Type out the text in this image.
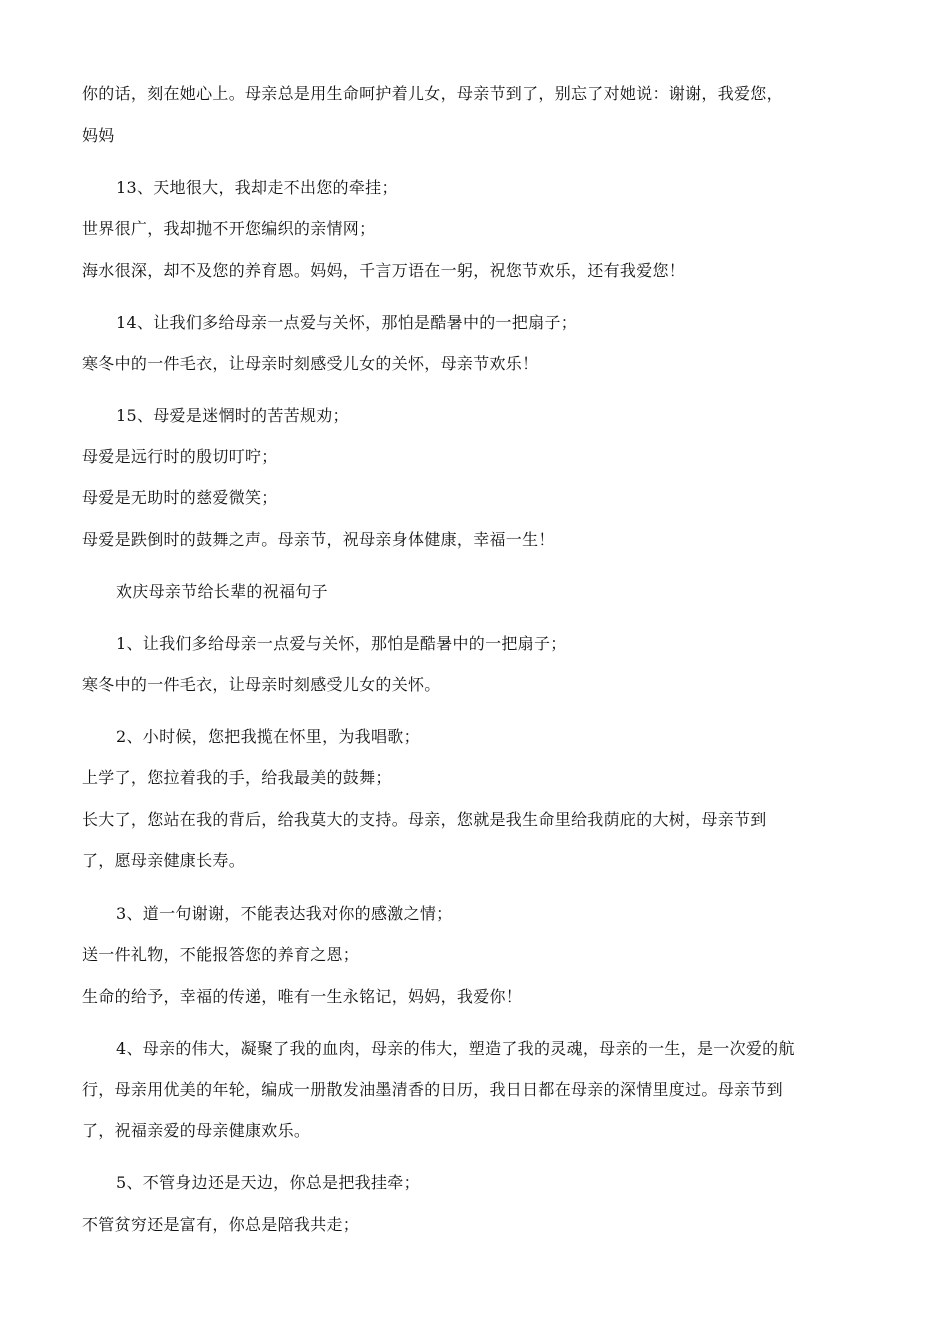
你的话，刻在她心上。母亲总是用生命呵护着儿女，母亲节到了，别忘了对她说：谢谢，我爱您，
妈妈
13、天地很大，我却走不出您的牵挂；
世界很广，我却抛不开您编织的亲情网；
海水很深，却不及您的养育恩。妈妈，千言万语在一躬，祝您节欢乐，还有我爱您！
14、让我们多给母亲一点爱与关怀，那怕是酷暑中的一把扇子；
寒冬中的一件毛衣，让母亲时刻感受儿女的关怀，母亲节欢乐！
15、母爱是迷惘时的苦苦规劝；
母爱是远行时的殷切叮咛；
母爱是无助时的慈爱微笑；
母爱是跌倒时的鼓舞之声。母亲节，祝母亲身体健康，幸福一生！
欢庆母亲节给长辈的祝福句子
1、让我们多给母亲一点爱与关怀，那怕是酷暑中的一把扇子；
寒冬中的一件毛衣，让母亲时刻感受儿女的关怀。
2、小时候，您把我揽在怀里，为我唱歌；
上学了，您拉着我的手，给我最美的鼓舞；
长大了，您站在我的背后，给我莫大的支持。母亲，您就是我生命里给我荫庇的大树，母亲节到
了，愿母亲健康长寿。
3、道一句谢谢，不能表达我对你的感激之情；
送一件礼物，不能报答您的养育之恩；
生命的给予，幸福的传递，唯有一生永铭记，妈妈，我爱你！
4、母亲的伟大，凝聚了我的血肉，母亲的伟大，塑造了我的灵魂，母亲的一生，是一次爱的航
行，母亲用优美的年轮，编成一册散发油墨清香的日历，我日日都在母亲的深情里度过。母亲节到
了，祝福亲爱的母亲健康欢乐。
5、不管身边还是天边，你总是把我挂牵；
不管贫穷还是富有，你总是陪我共走；
